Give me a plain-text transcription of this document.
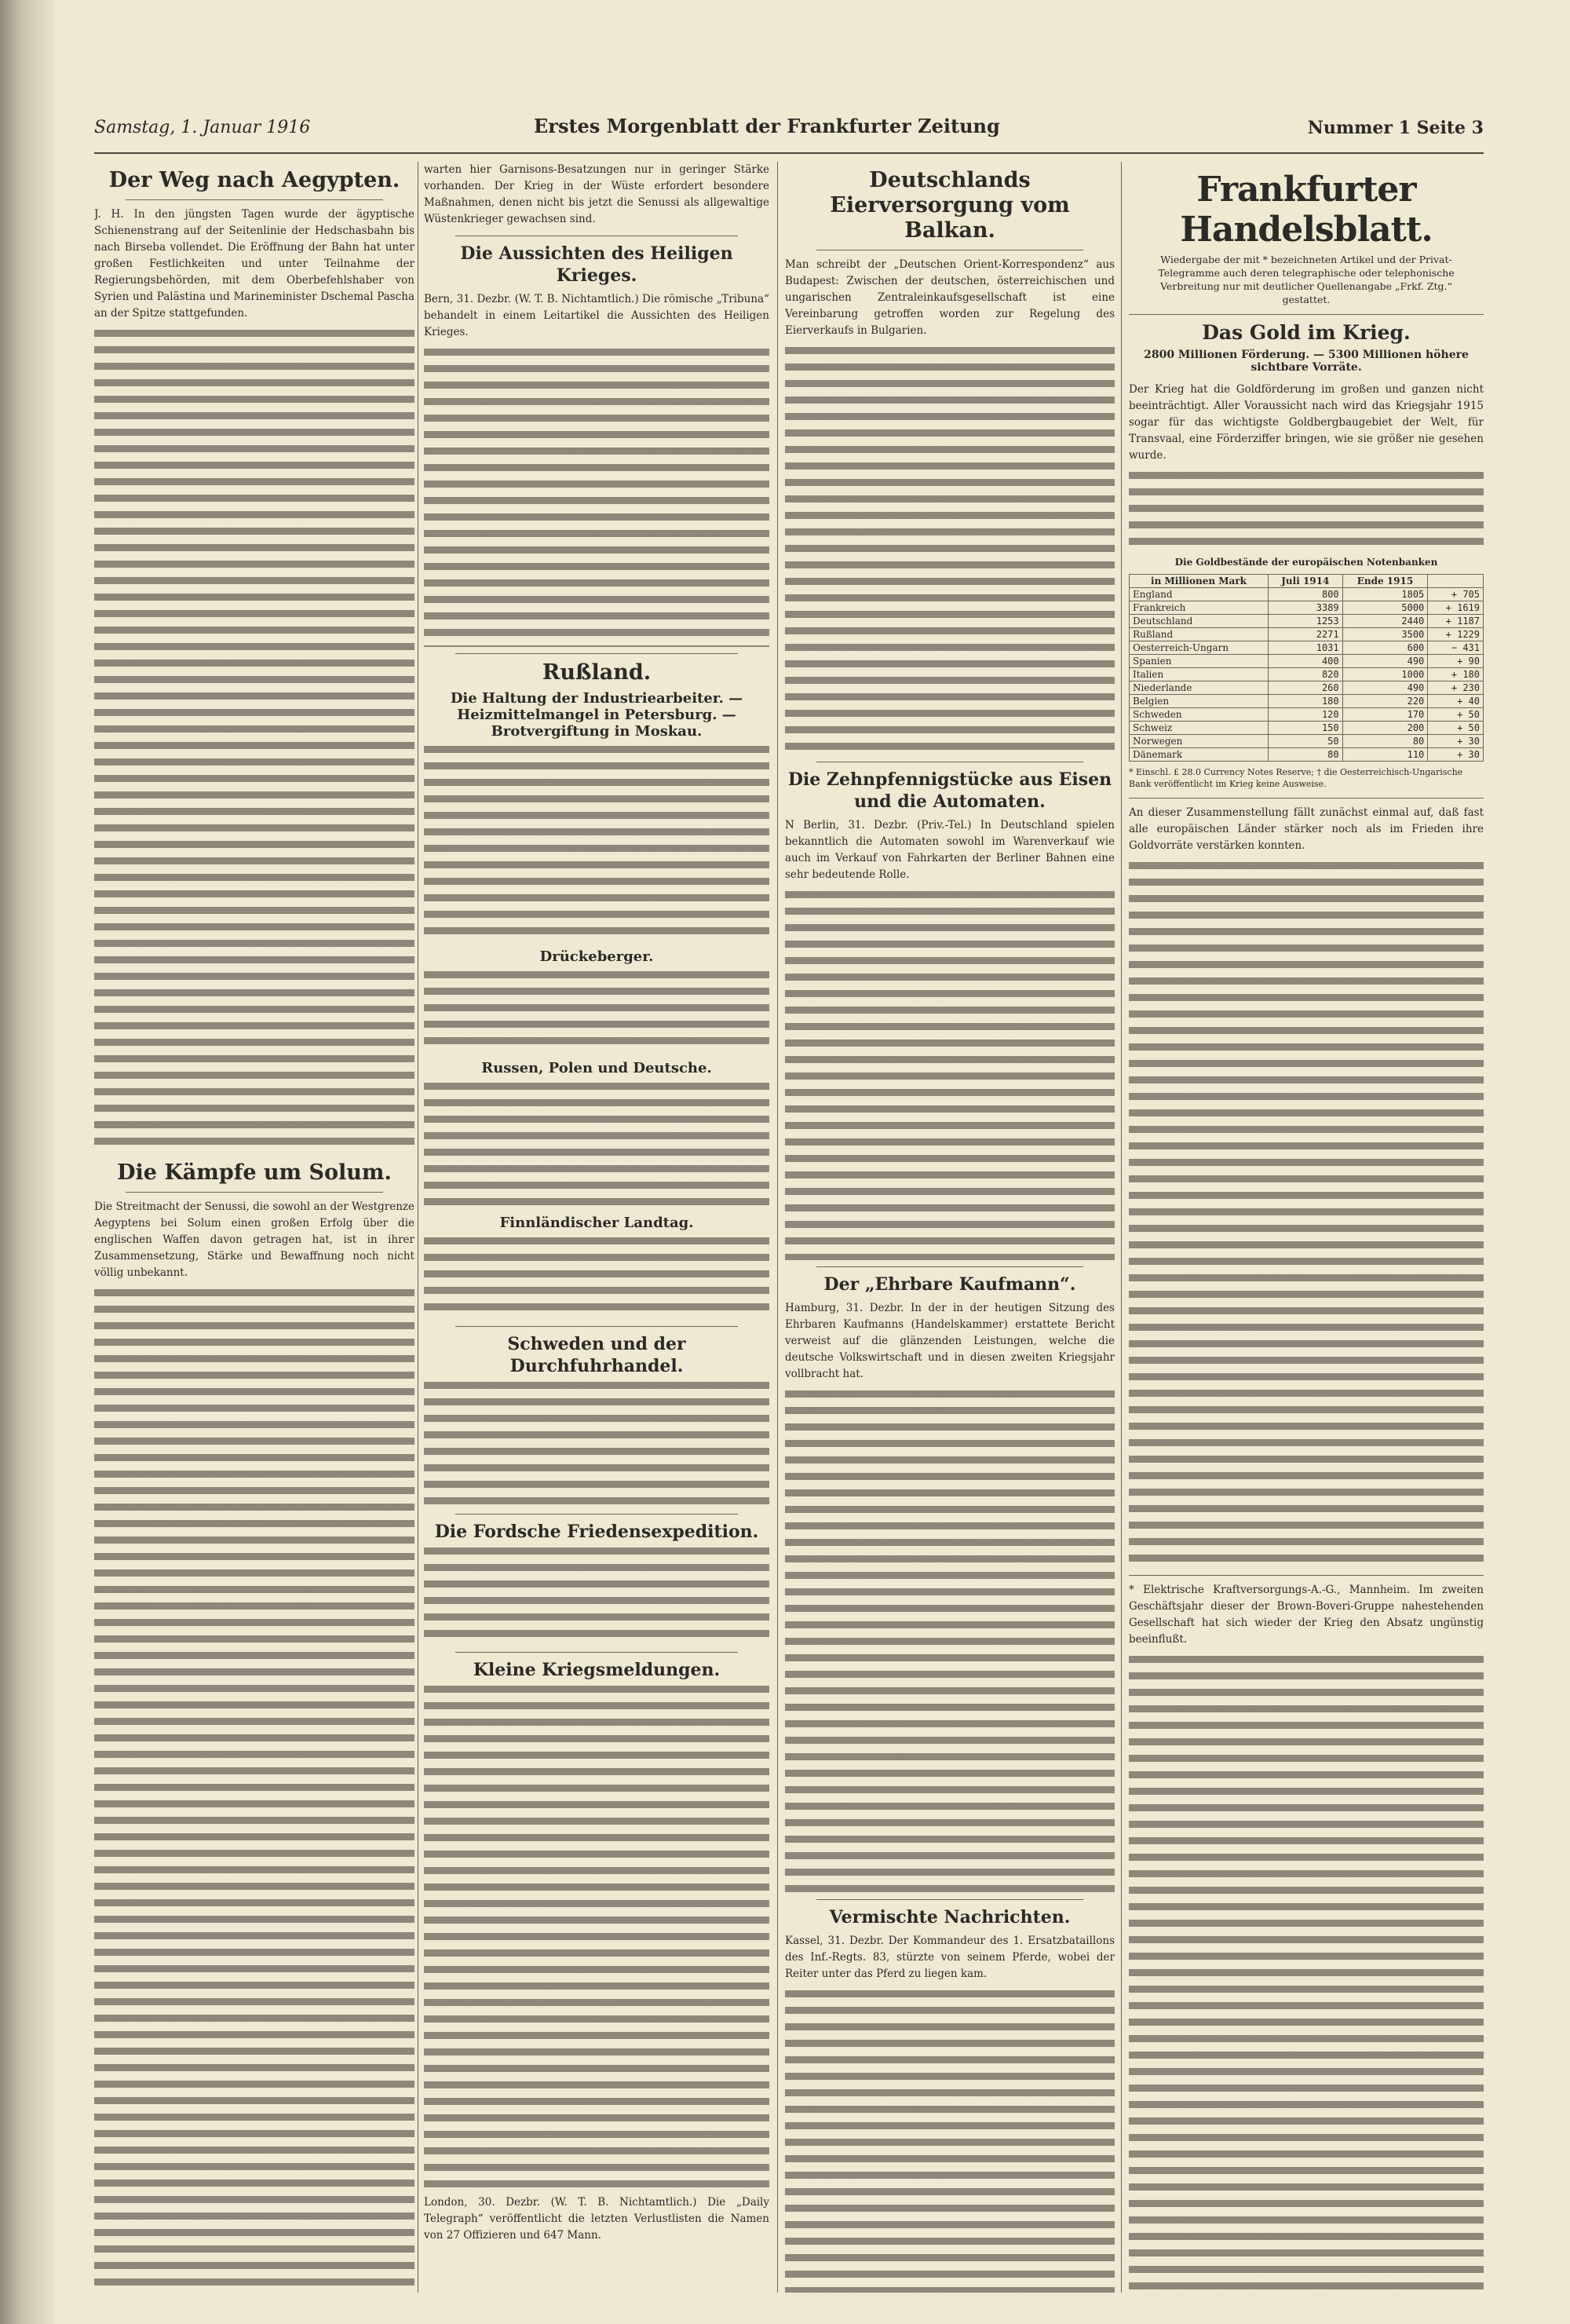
Samstag, 1. Januar 1916	Erstes Morgenblatt der Frankfurter Zeitung	Nummer 1 Seite 3
Der Weg nach Aegypten.

J. H. In den jüngsten Tagen wurde der ägyptische Schienenstrang auf der Seitenlinie der Hedschasbahn bis nach Birseba vollendet. Die Eröffnung der Bahn hat unter großen Festlichkeiten und unter Teilnahme der Regierungsbehörden, mit dem Oberbefehlshaber von Syrien und Palästina und Marineminister Dschemal Pascha an der Spitze stattgefunden.

Die Kämpfe um Solum.

Die Streitmacht der Senussi, die sowohl an der Westgrenze Aegyptens bei Solum einen großen Erfolg über die englischen Waffen davon getragen hat, ist in ihrer Zusammensetzung, Stärke und Bewaffnung noch nicht völlig unbekannt.

warten hier Garnisons-Besatzungen nur in geringer Stärke vorhanden. Der Krieg in der Wüste erfordert besondere Maßnahmen, denen nicht bis jetzt die Senussi als allgewaltige Wüstenkrieger gewachsen sind.

Die Aussichten des Heiligen Krieges.

Bern, 31. Dezbr. (W. T. B. Nichtamtlich.) Die römische „Tribuna“ behandelt in einem Leitartikel die Aussichten des Heiligen Krieges.

Rußland.
Die Haltung der Industriearbeiter. — Heizmittelmangel in Petersburg. — Brotvergiftung in Moskau.
Drückeberger.
Russen, Polen und Deutsche.
Finnländischer Landtag.
Schweden und der Durchfuhrhandel.
Die Fordsche Friedensexpedition.
Kleine Kriegsmeldungen.

London, 30. Dezbr. (W. T. B. Nichtamtlich.) Die „Daily Telegraph“ veröffentlicht die letzten Verlustlisten die Namen von 27 Offizieren und 647 Mann.

Deutschlands Eierversorgung vom Balkan.

Man schreibt der „Deutschen Orient-Korrespondenz“ aus Budapest: Zwischen der deutschen, österreichischen und ungarischen Zentraleinkaufsgesellschaft ist eine Vereinbarung getroffen worden zur Regelung des Eierverkaufs in Bulgarien.

Die Zehnpfennigstücke aus Eisen und die Automaten.

N Berlin, 31. Dezbr. (Priv.-Tel.) In Deutschland spielen bekanntlich die Automaten sowohl im Warenverkauf wie auch im Verkauf von Fahrkarten der Berliner Bahnen eine sehr bedeutende Rolle.

Der „Ehrbare Kaufmann“.

Hamburg, 31. Dezbr. In der in der heutigen Sitzung des Ehrbaren Kaufmanns (Handelskammer) erstattete Bericht verweist auf die glänzenden Leistungen, welche die deutsche Volkswirtschaft und in diesen zweiten Kriegsjahr vollbracht hat.

Vermischte Nachrichten.

Kassel, 31. Dezbr. Der Kommandeur des 1. Ersatzbataillons des Inf.-Regts. 83, stürzte von seinem Pferde, wobei der Reiter unter das Pferd zu liegen kam.

Frankfurter Handelsblatt.
Wiedergabe der mit * bezeichneten Artikel und der Privat-Telegramme auch deren telegraphische oder telephonische Verbreitung nur mit deutlicher Quellenangabe „Frkf. Ztg.“ gestattet.
Das Gold im Krieg.
2800 Millionen Förderung. — 5300 Millionen höhere sichtbare Vorräte.

Der Krieg hat die Goldförderung im großen und ganzen nicht beeinträchtigt. Aller Voraussicht nach wird das Kriegsjahr 1915 sogar für das wichtigste Goldbergbaugebiet der Welt, für Transvaal, eine Förderziffer bringen, wie sie größer nie gesehen wurde.

Die Goldbestände der europäischen Notenbanken
in Millionen Mark	Juli 1914	Ende 1915	
England	800	1805	+ 705
Frankreich	3389	5000	+ 1619
Deutschland	1253	2440	+ 1187
Rußland	2271	3500	+ 1229
Oesterreich-Ungarn	1031	600	− 431
Spanien	400	490	+ 90
Italien	820	1000	+ 180
Niederlande	260	490	+ 230
Belgien	180	220	+ 40
Schweden	120	170	+ 50
Schweiz	150	200	+ 50
Norwegen	50	80	+ 30
Dänemark	80	110	+ 30
* Einschl. £ 28.0 Currency Notes Reserve; † die Oesterreichisch-Ungarische Bank veröffentlicht im Krieg keine Ausweise.

An dieser Zusammenstellung fällt zunächst einmal auf, daß fast alle europäischen Länder stärker noch als im Frieden ihre Goldvorräte verstärken konnten.

* Elektrische Kraftversorgungs-A.-G., Mannheim. Im zweiten Geschäftsjahr dieser der Brown-Boveri-Gruppe nahestehenden Gesellschaft hat sich wieder der Krieg den Absatz ungünstig beeinflußt.
